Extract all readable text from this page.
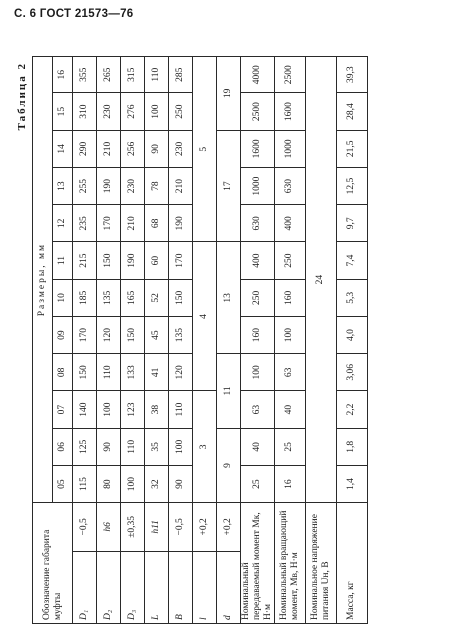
С. 6 ГОСТ 21573—76
Таблица 2
Обозначение габарита муфты		Размеры, мм											
		05	06	07	08	09	10	11	12	13	14	15	16
D₁	−0,5	115	125	140	150	170	185	215	235	255	290	310	355
D₂	h6	80	90	100	110	120	135	150	170	190	210	230	265
D₃	±0,35	100	110	123	133	150	165	190	210	230	256	276	315
L	h11	32	35	38	41	45	52	60	68	78	90	100	110
B	−0,5	90	100	110	120	135	150	170	190	210	230	250	285
l	+0,2	3			4				5				
d	+0,2	9		11		13			17			19	
Номинальный передаваемый момент Mк, Н·м		25	40	63	100	160	250	400	630	1000	1600	2500	4000
Номинальный вращающий момент, Mв, Н·м		16	25	40	63	100	160	250	400	630	1000	1600	2500
Номинальное напряжение питания Uн, В		24											
Масса, кг		1,4	1,8	2,2	3,06	4,0	5,3	7,4	9,7	12,5	21,5	28,4	39,3
